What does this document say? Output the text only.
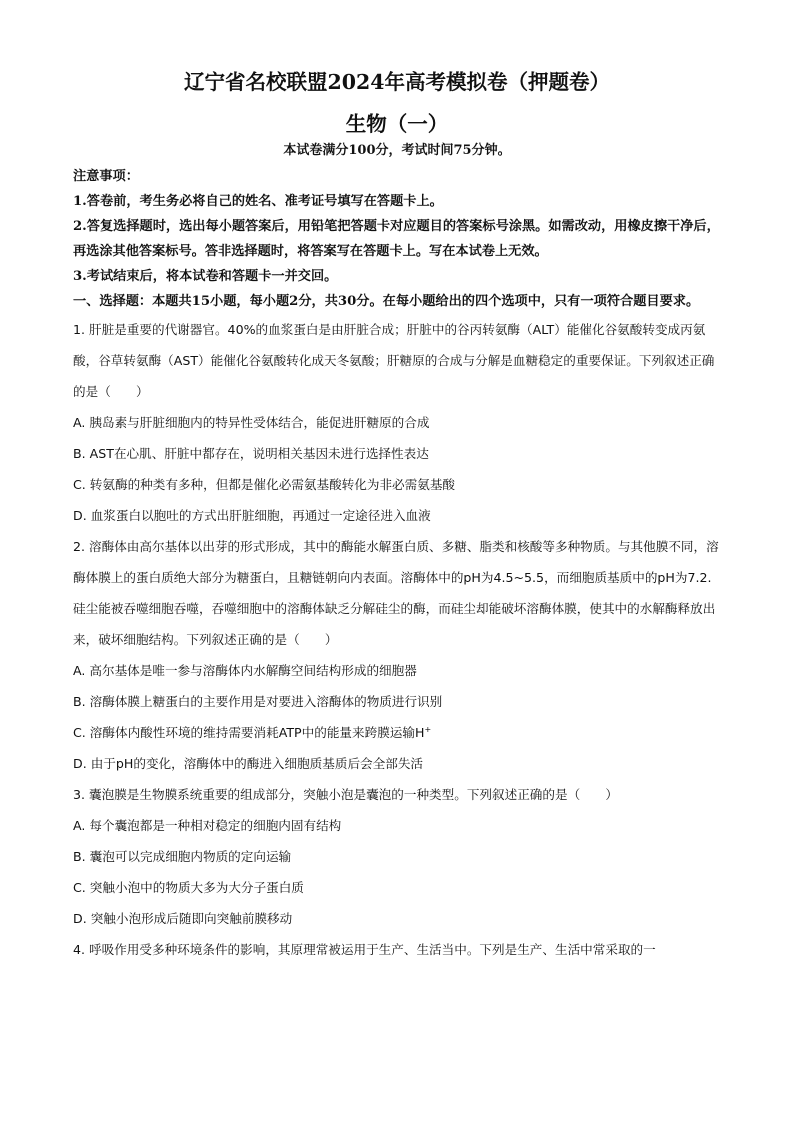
辽宁省名校联盟2024年高考模拟卷（押题卷）
生物（一）
本试卷满分100分，考试时间75分钟。
注意事项：
1.答卷前，考生务必将自己的姓名、准考证号填写在答题卡上。
2.答复选择题时，选出每小题答案后，用铅笔把答题卡对应题目的答案标号涂黑。如需改动，用橡皮擦干净后，再选涂其他答案标号。答非选择题时，将答案写在答题卡上。写在本试卷上无效。
3.考试结束后，将本试卷和答题卡一并交回。
一、选择题：本题共15小题，每小题2分，共30分。在每小题给出的四个选项中，只有一项符合题目要求。
1. 肝脏是重要的代谢器官。40%的血浆蛋白是由肝脏合成；肝脏中的谷丙转氨酶（ALT）能催化谷氨酸转变成丙氨酸，谷草转氨酶（AST）能催化谷氨酸转化成天冬氨酸；肝糖原的合成与分解是血糖稳定的重要保证。下列叙述正确的是（　　）
A. 胰岛素与肝脏细胞内的特异性受体结合，能促进肝糖原的合成
B. AST在心肌、肝脏中都存在，说明相关基因未进行选择性表达
C. 转氨酶的种类有多种，但都是催化必需氨基酸转化为非必需氨基酸
D. 血浆蛋白以胞吐的方式出肝脏细胞，再通过一定途径进入血液
2. 溶酶体由高尔基体以出芽的形式形成，其中的酶能水解蛋白质、多糖、脂类和核酸等多种物质。与其他膜不同，溶酶体膜上的蛋白质绝大部分为糖蛋白，且糖链朝向内表面。溶酶体中的pH为4.5~5.5，而细胞质基质中的pH为7.2.硅尘能被吞噬细胞吞噬，吞噬细胞中的溶酶体缺乏分解硅尘的酶，而硅尘却能破坏溶酶体膜，使其中的水解酶释放出来，破坏细胞结构。下列叙述正确的是（　　）
A. 高尔基体是唯一参与溶酶体内水解酶空间结构形成的细胞器
B. 溶酶体膜上糖蛋白的主要作用是对要进入溶酶体的物质进行识别
C. 溶酶体内酸性环境的维持需要消耗ATP中的能量来跨膜运输H+
D. 由于pH的变化，溶酶体中的酶进入细胞质基质后会全部失活
3. 囊泡膜是生物膜系统重要的组成部分，突触小泡是囊泡的一种类型。下列叙述正确的是（　　）
A. 每个囊泡都是一种相对稳定的细胞内固有结构
B. 囊泡可以完成细胞内物质的定向运输
C. 突触小泡中的物质大多为大分子蛋白质
D. 突触小泡形成后随即向突触前膜移动
4. 呼吸作用受多种环境条件的影响，其原理常被运用于生产、生活当中。下列是生产、生活中常采取的一
